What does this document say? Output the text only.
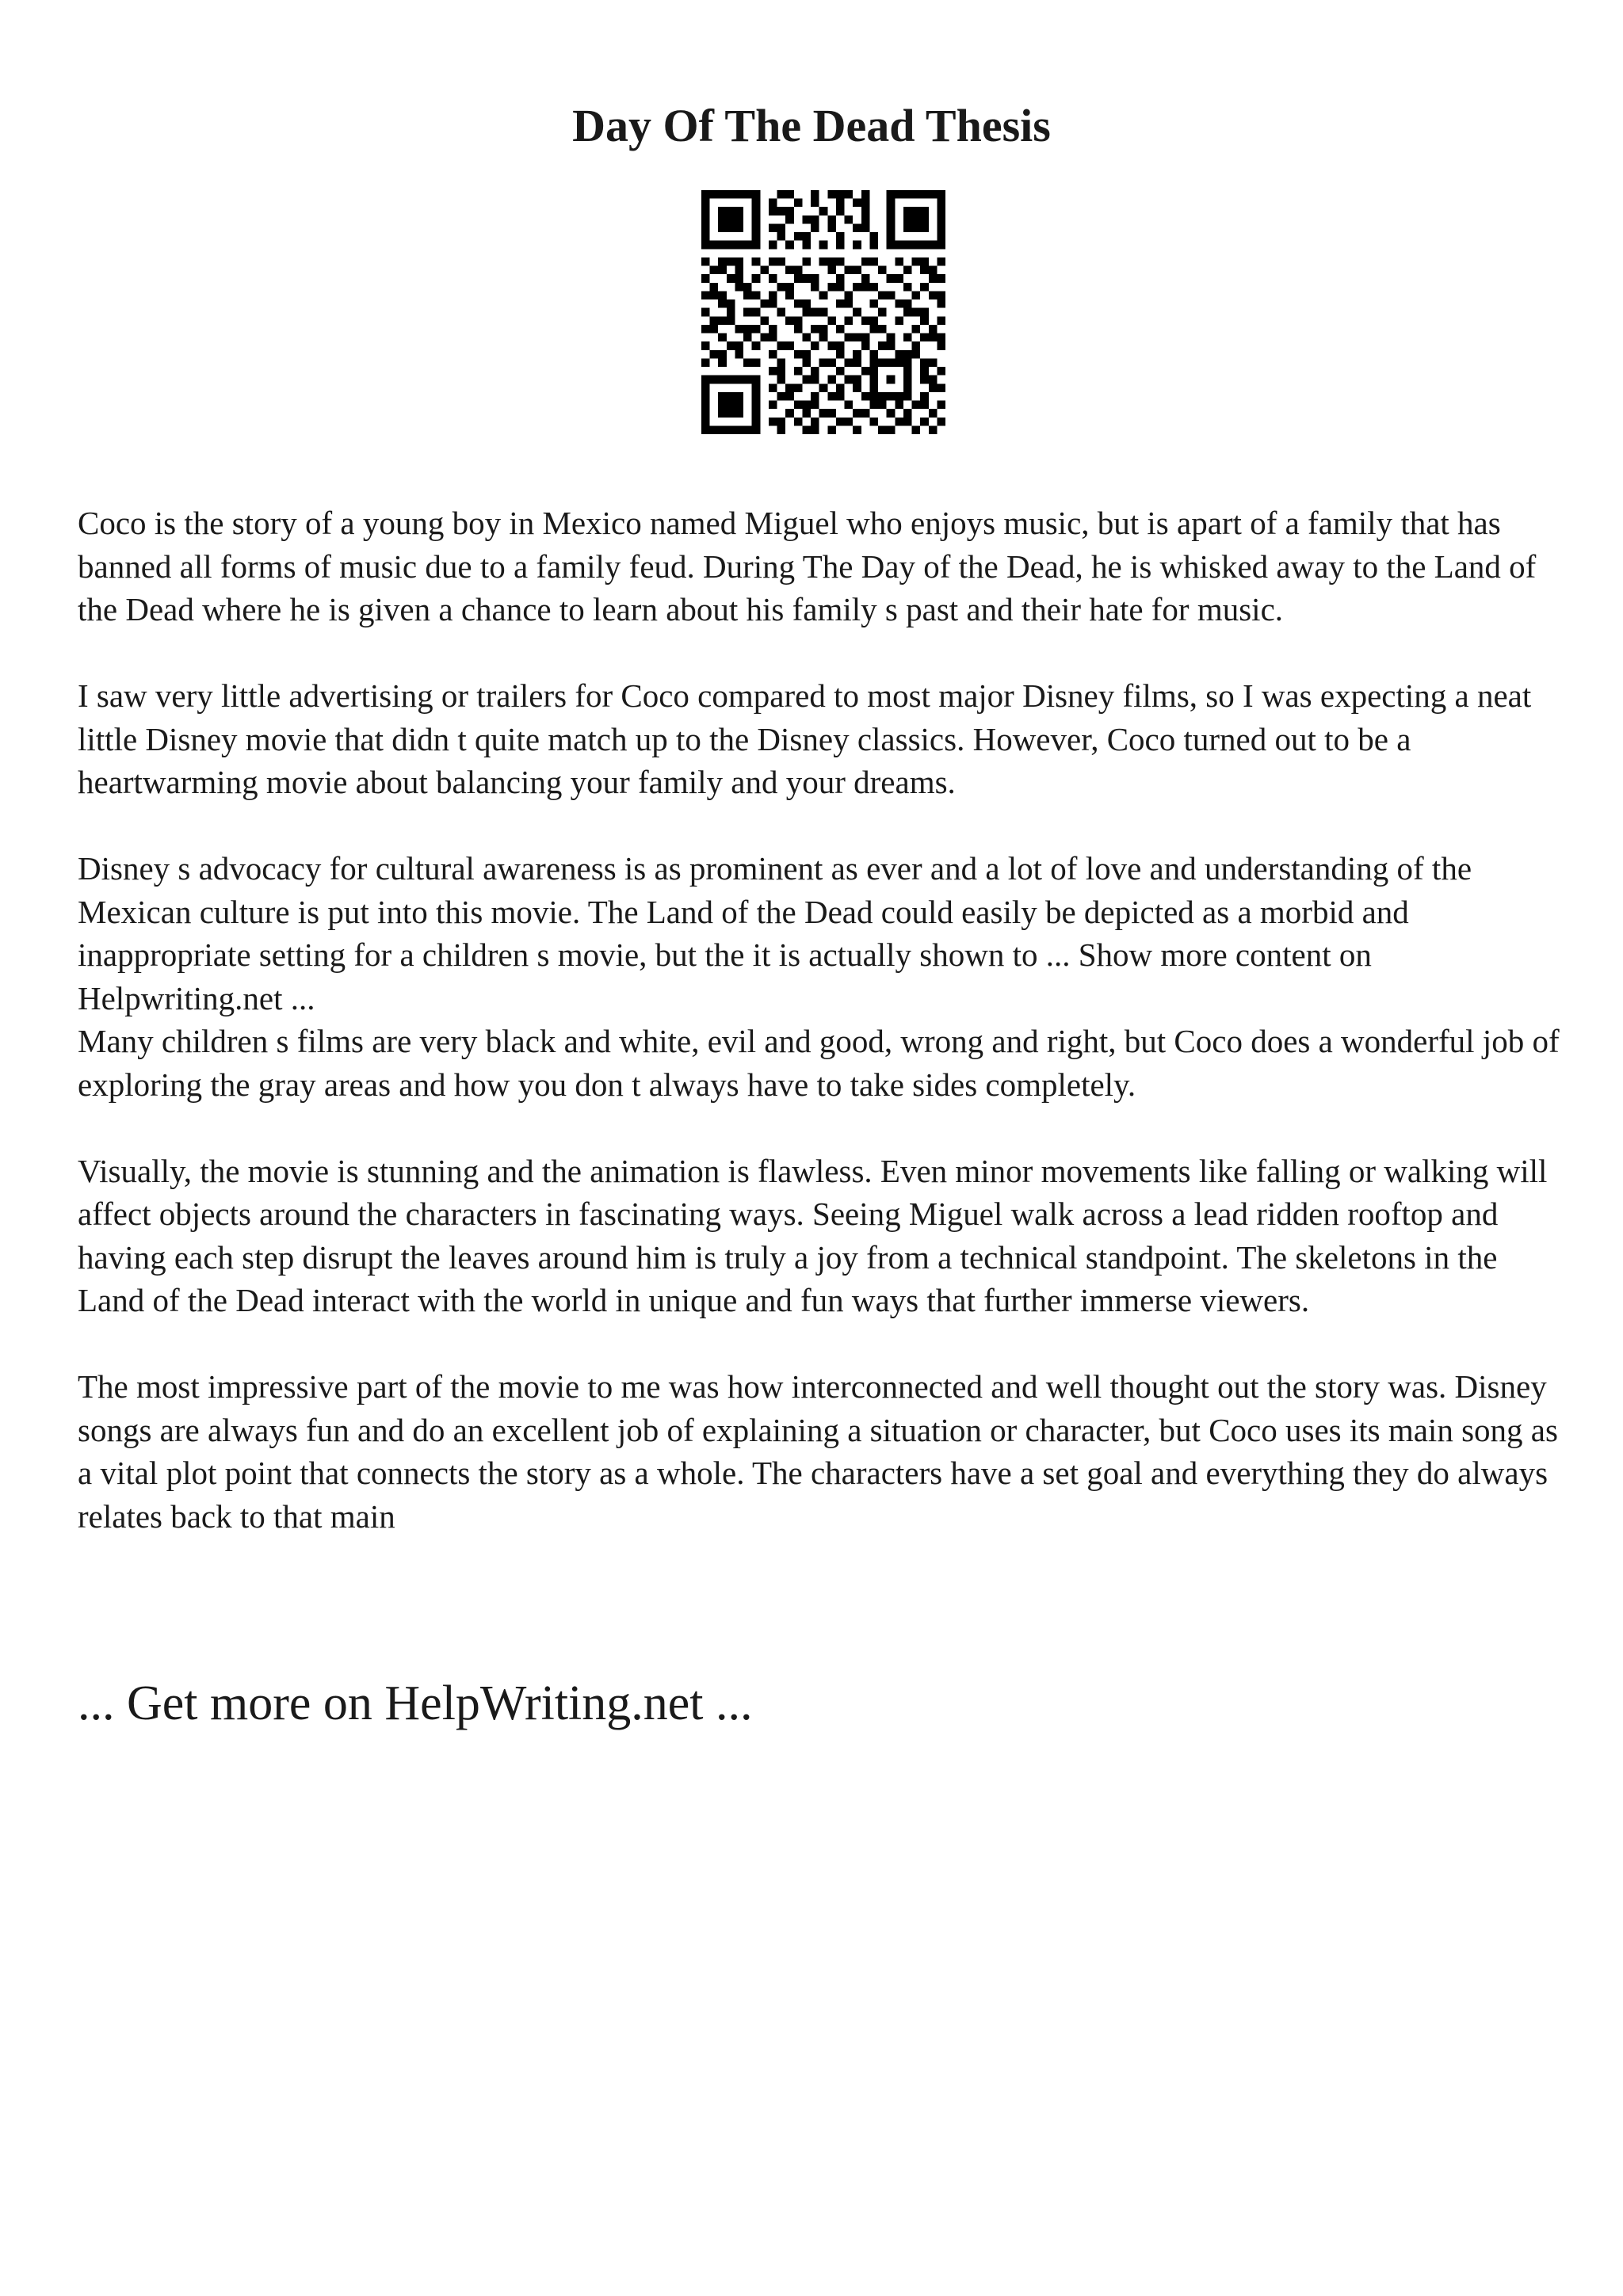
Day Of The Dead Thesis

Coco is the story of a young boy in Mexico named Miguel who enjoys music, but is apart of a family that has banned all forms of music due to a family feud. During The Day of the Dead, he is whisked away to the Land of the Dead where he is given a chance to learn about his family s past and their hate for music.

I saw very little advertising or trailers for Coco compared to most major Disney films, so I was expecting a neat little Disney movie that didn t quite match up to the Disney classics. However, Coco turned out to be a heartwarming movie about balancing your family and your dreams.

Disney s advocacy for cultural awareness is as prominent as ever and a lot of love and understanding of the Mexican culture is put into this movie. The Land of the Dead could easily be depicted as a morbid and inappropriate setting for a children s movie, but the it is actually shown to ... Show more content on Helpwriting.net ...

Many children s films are very black and white, evil and good, wrong and right, but Coco does a wonderful job of exploring the gray areas and how you don t always have to take sides completely.

Visually, the movie is stunning and the animation is flawless. Even minor movements like falling or walking will affect objects around the characters in fascinating ways. Seeing Miguel walk across a lead ridden rooftop and having each step disrupt the leaves around him is truly a joy from a technical standpoint. The skeletons in the Land of the Dead interact with the world in unique and fun ways that further immerse viewers.

The most impressive part of the movie to me was how interconnected and well thought out the story was. Disney songs are always fun and do an excellent job of explaining a situation or character, but Coco uses its main song as a vital plot point that connects the story as a whole. The characters have a set goal and everything they do always relates back to that main

... Get more on HelpWriting.net ...
